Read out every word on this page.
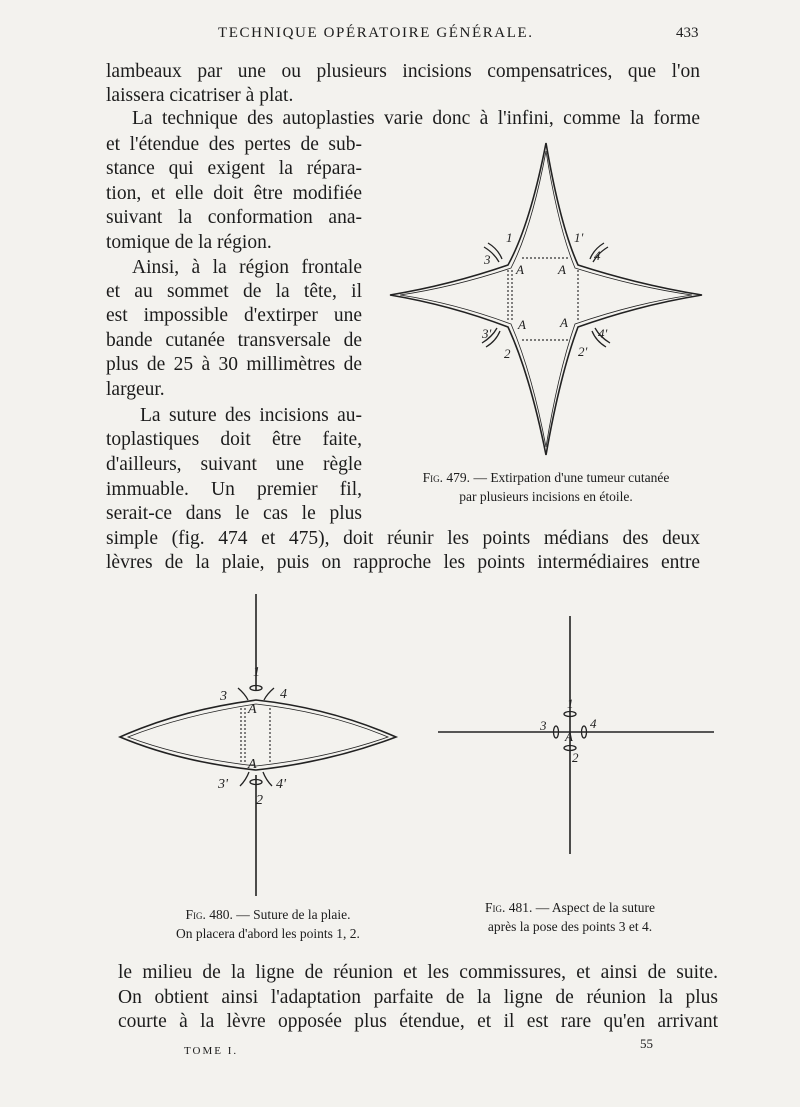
TECHNIQUE OPÉRATOIRE GÉNÉRALE.	433
lambeaux par une ou plusieurs incisions compensatrices, que l'on
laissera cicatriser à plat.
La technique des autoplasties varie donc à l'infini, comme la forme
et l'étendue des pertes de sub-
stance qui exigent la répara-
tion, et elle doit être modifiée
suivant la conformation ana-
tomique de la région.
Ainsi, à la région frontale
et au sommet de la tête, il
est impossible d'extirper une
bande cutanée transversale de
plus de 25 à 30 millimètres de
largeur.
La suture des incisions au-
toplastiques doit être faite,
d'ailleurs, suivant une règle
immuable. Un premier fil,
serait-ce dans le cas le plus
simple (fig. 474 et 475), doit réunir les points médians des deux
lèvres de la plaie, puis on rapproche les points intermédiaires entre
1	1'
3	4
A	A
A	A
3'	4'
2	2'
Fig. 479. — Extirpation d'une tumeur cutanée
par plusieurs incisions en étoile.
1
3	4
A
A
3'	4'
2
Fig. 480. — Suture de la plaie.
On placera d'abord les points 1, 2.
1
3	4
A
2
Fig. 481. — Aspect de la suture
après la pose des points 3 et 4.
le milieu de la ligne de réunion et les commissures, et ainsi de suite.
On obtient ainsi l'adaptation parfaite de la ligne de réunion la plus
courte à la lèvre opposée plus étendue, et il est rare qu'en arrivant
TOME I.	55
